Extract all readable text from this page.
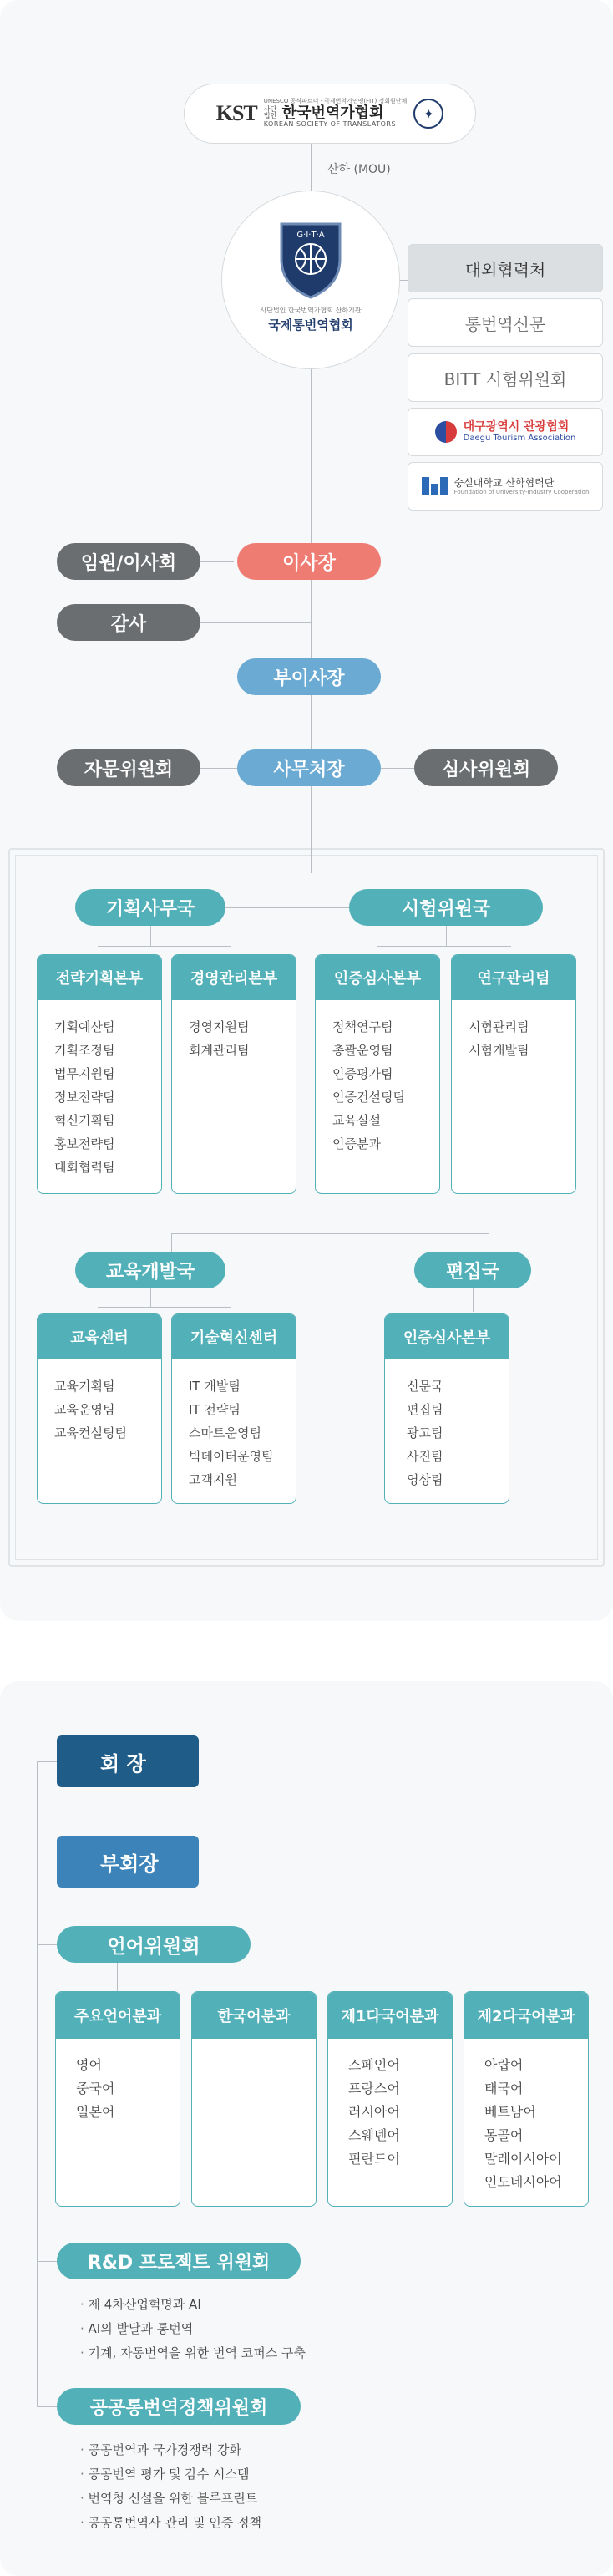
KST
UNESCO 공식파트너 · 국제번역가연맹(FIT) 정회원단체
사단법인 한국번역가협회
KOREAN SOCIETY OF TRANSLATORS
✦
산하 (MOU)
G·I·T·A
사단법인 한국번역가협회 산하기관
국제통번역협회
대외협력처
통번역신문
BITT 시험위원회
대구광역시 관광협회
Daegu Tourism Association
숭실대학교 산학협력단
Foundation of University-Industry Cooperation
임원/이사회	이사장
감사
부이사장
자문위원회	사무처장	심사위원회
기획사무국	시험위원국
전략기획본부
기획예산팀
기획조정팀
법무지원팀
정보전략팀
혁신기획팀
홍보전략팀
대회협력팀
경영관리본부
경영지원팀
회계관리팀
인증심사본부
정책연구팀
총괄운영팀
인증평가팀
인증컨설팅팀
교육실설
인증분과
연구관리팀
시험관리팀
시험개발팀
교육개발국	편집국
교육센터
교육기획팀
교육운영팀
교육컨설팅팀
기술혁신센터
IT 개발팀
IT 전략팀
스마트운영팀
빅데이터운영팀
고객지원
인증심사본부
신문국
편집팀
광고팀
사진팀
영상팀
회 장
부회장
언어위원회
주요언어분과
영어
중국어
일본어
한국어분과	제1다국어분과
스페인어
프랑스어
러시아어
스웨덴어
핀란드어
제2다국어분과
아랍어
태국어
베트남어
몽골어
말레이시아어
인도네시아어
R&D 프로젝트 위원회
· 제 4차산업혁명과 AI
· AI의 발달과 통번역
· 기계, 자동번역을 위한 번역 코퍼스 구축
공공통번역정책위원회
· 공공번역과 국가경쟁력 강화
· 공공번역 평가 및 감수 시스템
· 번역청 신설을 위한 블루프린트
· 공공통번역사 관리 및 인증 정책
